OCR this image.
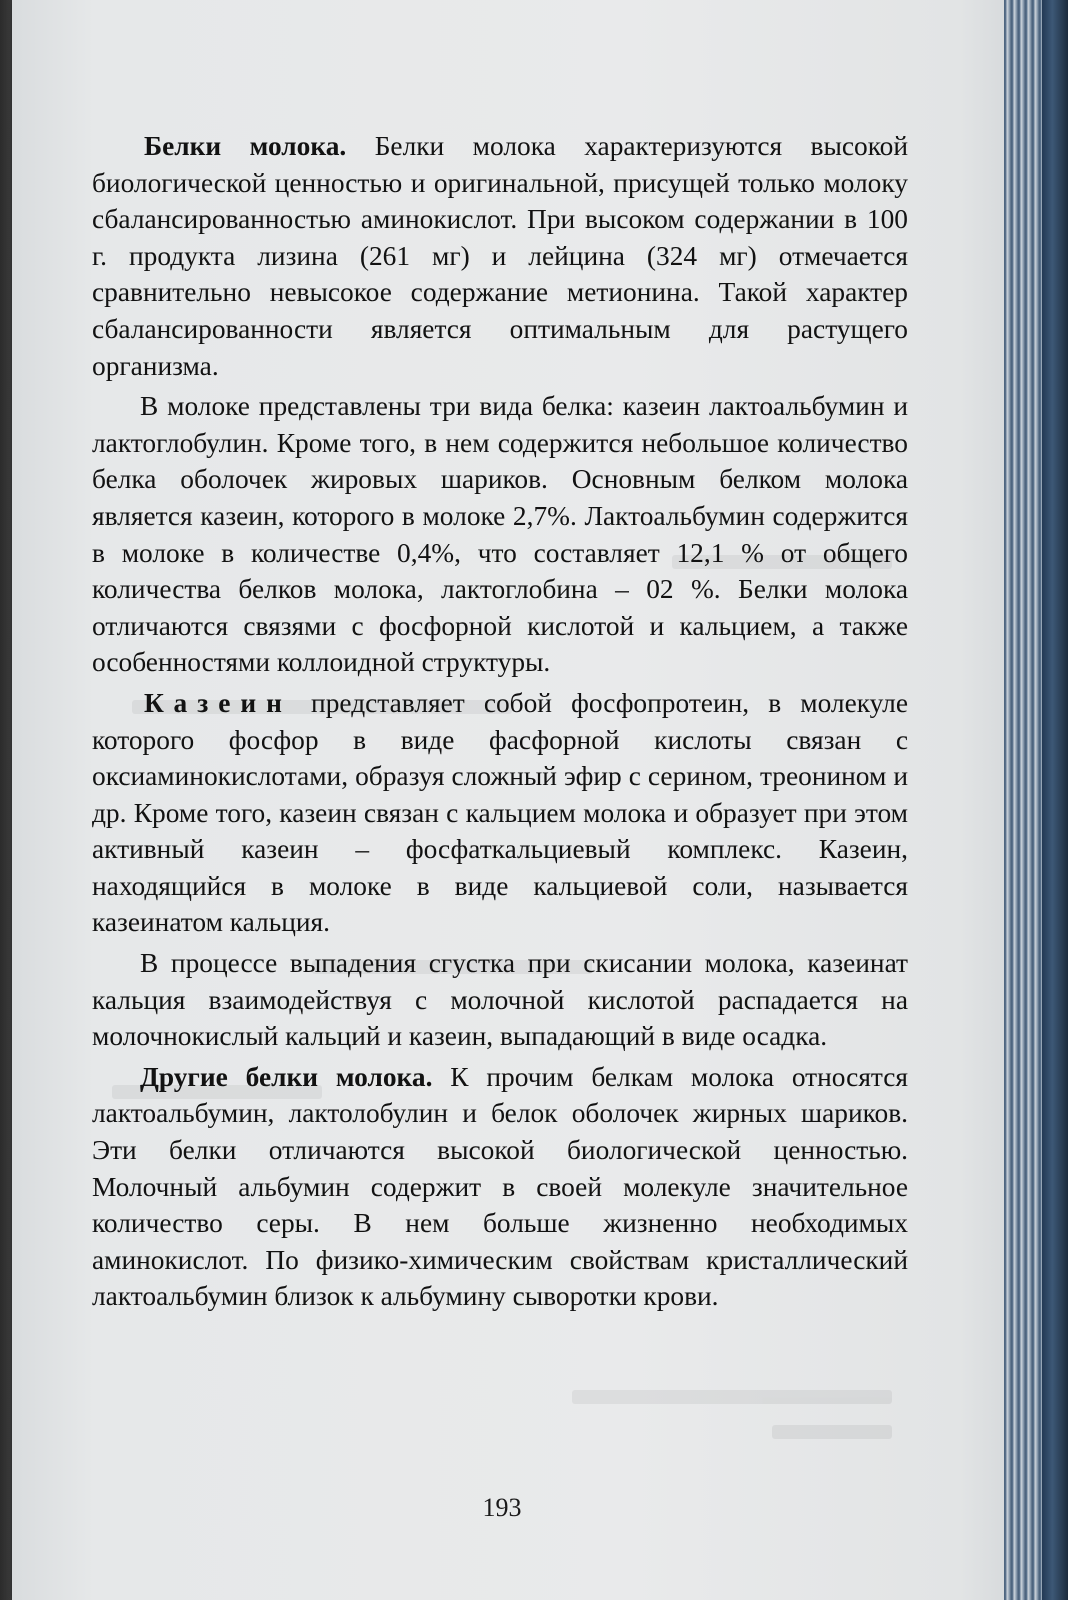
Белки молока. Белки молока характеризуются высокой биологической ценностью и оригинальной, присущей только молоку сбалансированностью аминокислот. При высоком содержании в 100 г. продукта лизина (261 мг) и лейцина (324 мг) отмечается сравнительно невысокое содержание метионина. Такой характер сбалансированности является оптимальным для растущего организма.

В молоке представлены три вида белка: казеин лактоальбумин и лактоглобулин. Кроме того, в нем содержится небольшое количество белка оболочек жировых шариков. Основным белком молока является казеин, которого в молоке 2,7%. Лактоальбумин содержится в молоке в количестве 0,4%, что составляет 12,1 % от общего количества белков молока, лактоглобина – 02 %. Белки молока отличаются связями с фосфорной кислотой и кальцием, а также особенностями коллоидной структуры.

Казеин представляет собой фосфопротеин, в молекуле которого фосфор в виде фасфорной кислоты связан с оксиаминокислотами, образуя сложный эфир с серином, треонином и др. Кроме того, казеин связан с кальцием молока и образует при этом активный казеин – фосфаткальциевый комплекс. Казеин, находящийся в молоке в виде кальциевой соли, называется казеинатом кальция.

В процессе выпадения сгустка при скисании молока, казеинат кальция взаимодействуя с молочной кислотой распадается на молочнокислый кальций и казеин, выпадающий в виде осадка.

Другие белки молока. К прочим белкам молока относятся лактоальбумин, лактолобулин и белок оболочек жирных шариков. Эти белки отличаются высокой биологической ценностью. Молочный альбумин содержит в своей молекуле значительное количество серы. В нем больше жизненно необходимых аминокислот. По физико-химическим свойствам кристаллический лактоальбумин близок к альбумину сыворотки крови.

193
